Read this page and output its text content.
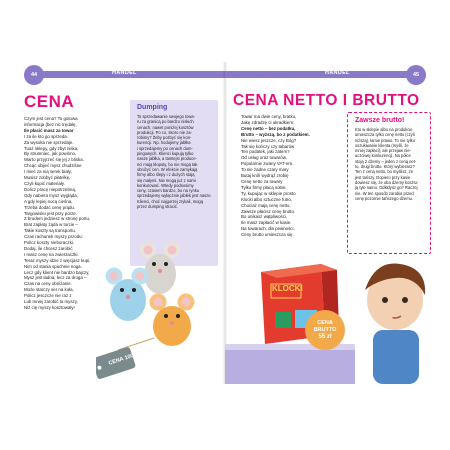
44	HANDEL
CENA
Czym jest cena? To gotowa
informacja (bez nic trędalę,
Ile płacić masz za towar
I za ile kto go sprzeda.
Za wysoka nie sprzedaje.
Tuaż sklepy, gdy zbyt niska,
By strumniec, jak powinno,
Warto przyjrzeć się jej z bliska.
Chcąc ubijeć mysz chudziśne
I mieć za nią serek biały,
Musisz zdobyć płatelkę,
Czyli kupić materiały.
Dolicz pracę niepotrzebną,
Gdy nabiera mysz wygląda,
A gdy lepiej nocą cieśna,
Trzeba dodać cenę prądu.
Targowisko jest przy porze.
Z brudem jedziesz w stronę portu,
Brat zapłaty żąda w torcie –
Takie koszty są transportu.
Czas rachunek myszy przodu:
Policz koszty nieboraczki,
Dodaj, ile chcesz zarobić
I masz cenę na zwierzaczki.
Teraz myszy idzie z więcjasz kupi,
Nim od stania spuchnie noga.
Lecz gdy klient nie bardzo bajczy,
Mysz jest ładna, lecz za droga –
Czas na ceny obniżanie.
Może starczy ser na koła,
Policz jesczcze nie raz z
Lub mniej zarobić tu myszy,
Niż cię myszy kosztowały!
Dumping
To sprzedawanie swojego towa-
ru za granicą po bardzo niskich
cenach, nawet poniżej kosztów
produkcji. Po co, skoro nie za-
robimy? Żeby pozbyć się kon-
kurencji. Np. hodujemy jabłka
i sprzedajemy po cenach dum-
pingowych. Klienci kupują tylko
nasze jabłka, a tamtejsi produce-
nci mają kłopoty, bo nie mogą tak
obniżyć cen. W efekcie zamykają
firmy albo ślepy i z dużych stają
się małymi. Nie mogą już z nami
konkurować. Wtedy podnosimy
ceny, czasem bardzo, bo na rynku
sprzedajemy wyłącznie jabłek jest nasze.
Klienci, choć najgorzej zrykali, mogą
przez dumping stracić.
CENA 100 zł
45
HANDEL
CENA NETTO I BRUTTO
Towar ma dwie ceny, bratku,
Jakę zdradzę ci ukradkiem:
Cenę netto – bez podatku,
Brutto – wyższą, bo z podatkiem.
Nie wiesz jeszcze, czy Bóg?
Tak się kończy czy tabarów
Ten podatek, jaki zatem?
Od usług oraz towarów.
Popularnie zwany VAT-em.
To nie żadne czary mary
Butaj króli wydrąż zrobię
Cenę netto za towary
Tylko firmy płacą sobie.
Ty, kupując w sklepie prosto
Klocki albo sztuczne futro,
Chociaż mają cenę netto,
Zawsze płacisz cenę brutto.
Bo unikasz wątpliwości,
Ile masz zapłacić w kasie.
Na towarach, dla pewności,
Ceny brutto umieszcza się.
Zawsze brutto!
Kto w sklepie albo na produkcie
umieszcza tylko cenę netto (czyli
niższą), łamie prawo. To nie tylko
oszukiwanie klienta (myśli, że
mniej zapłaci), ale przejaw nie-
uczciwej konkurencji. Na półce
stoją 2 dżemy – jeden z ceną net-
to, drugi brutto. Który wybierasz?
Ten z ceną netto, bo myślisz, że
jest tańszy. Dopiero przy kasie
dowiesz się, że oba dżemy kosztu-
ją tyle samo. Odkłdysz go? Raczej
nie. W ten sposób zarabia przed
cenę pozornie tańszego dżemu.
KLOCKI
CENA
BRUTTO
55 zł
